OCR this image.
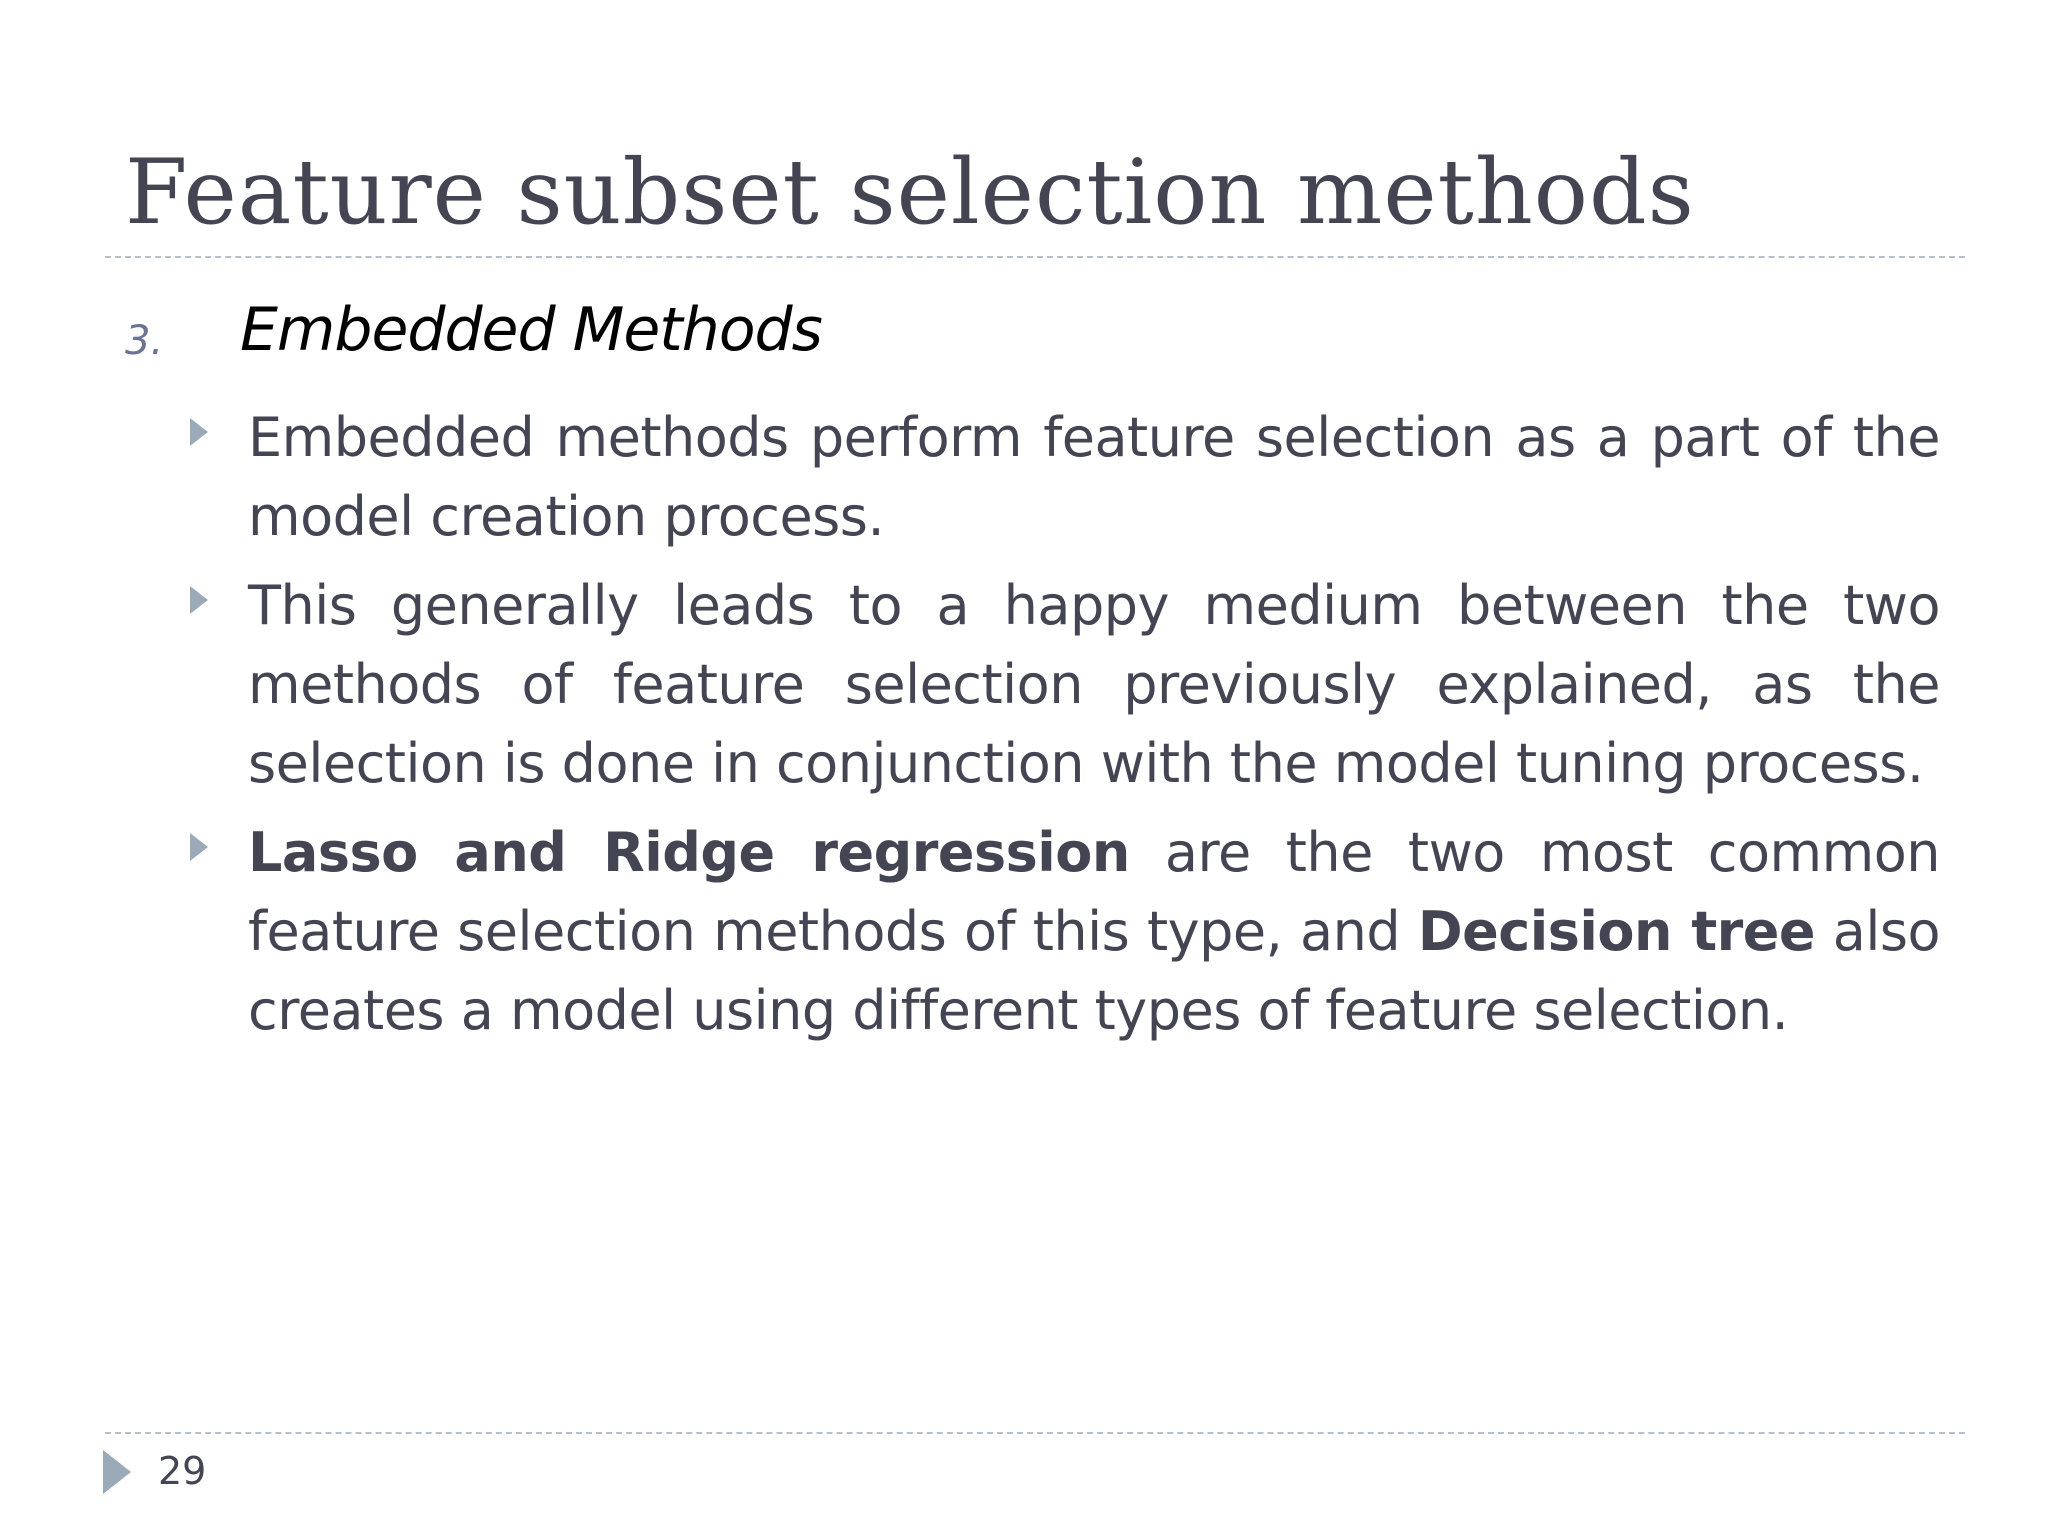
Feature subset selection methods
3. Embedded Methods
Embedded methods perform feature selection as a part of the model creation process.
This generally leads to a happy medium between the two methods of feature selection previously explained, as the selection is done in conjunction with the model tuning process.
Lasso and Ridge regression are the two most common feature selection methods of this type, and Decision tree also creates a model using different types of feature selection.
29
